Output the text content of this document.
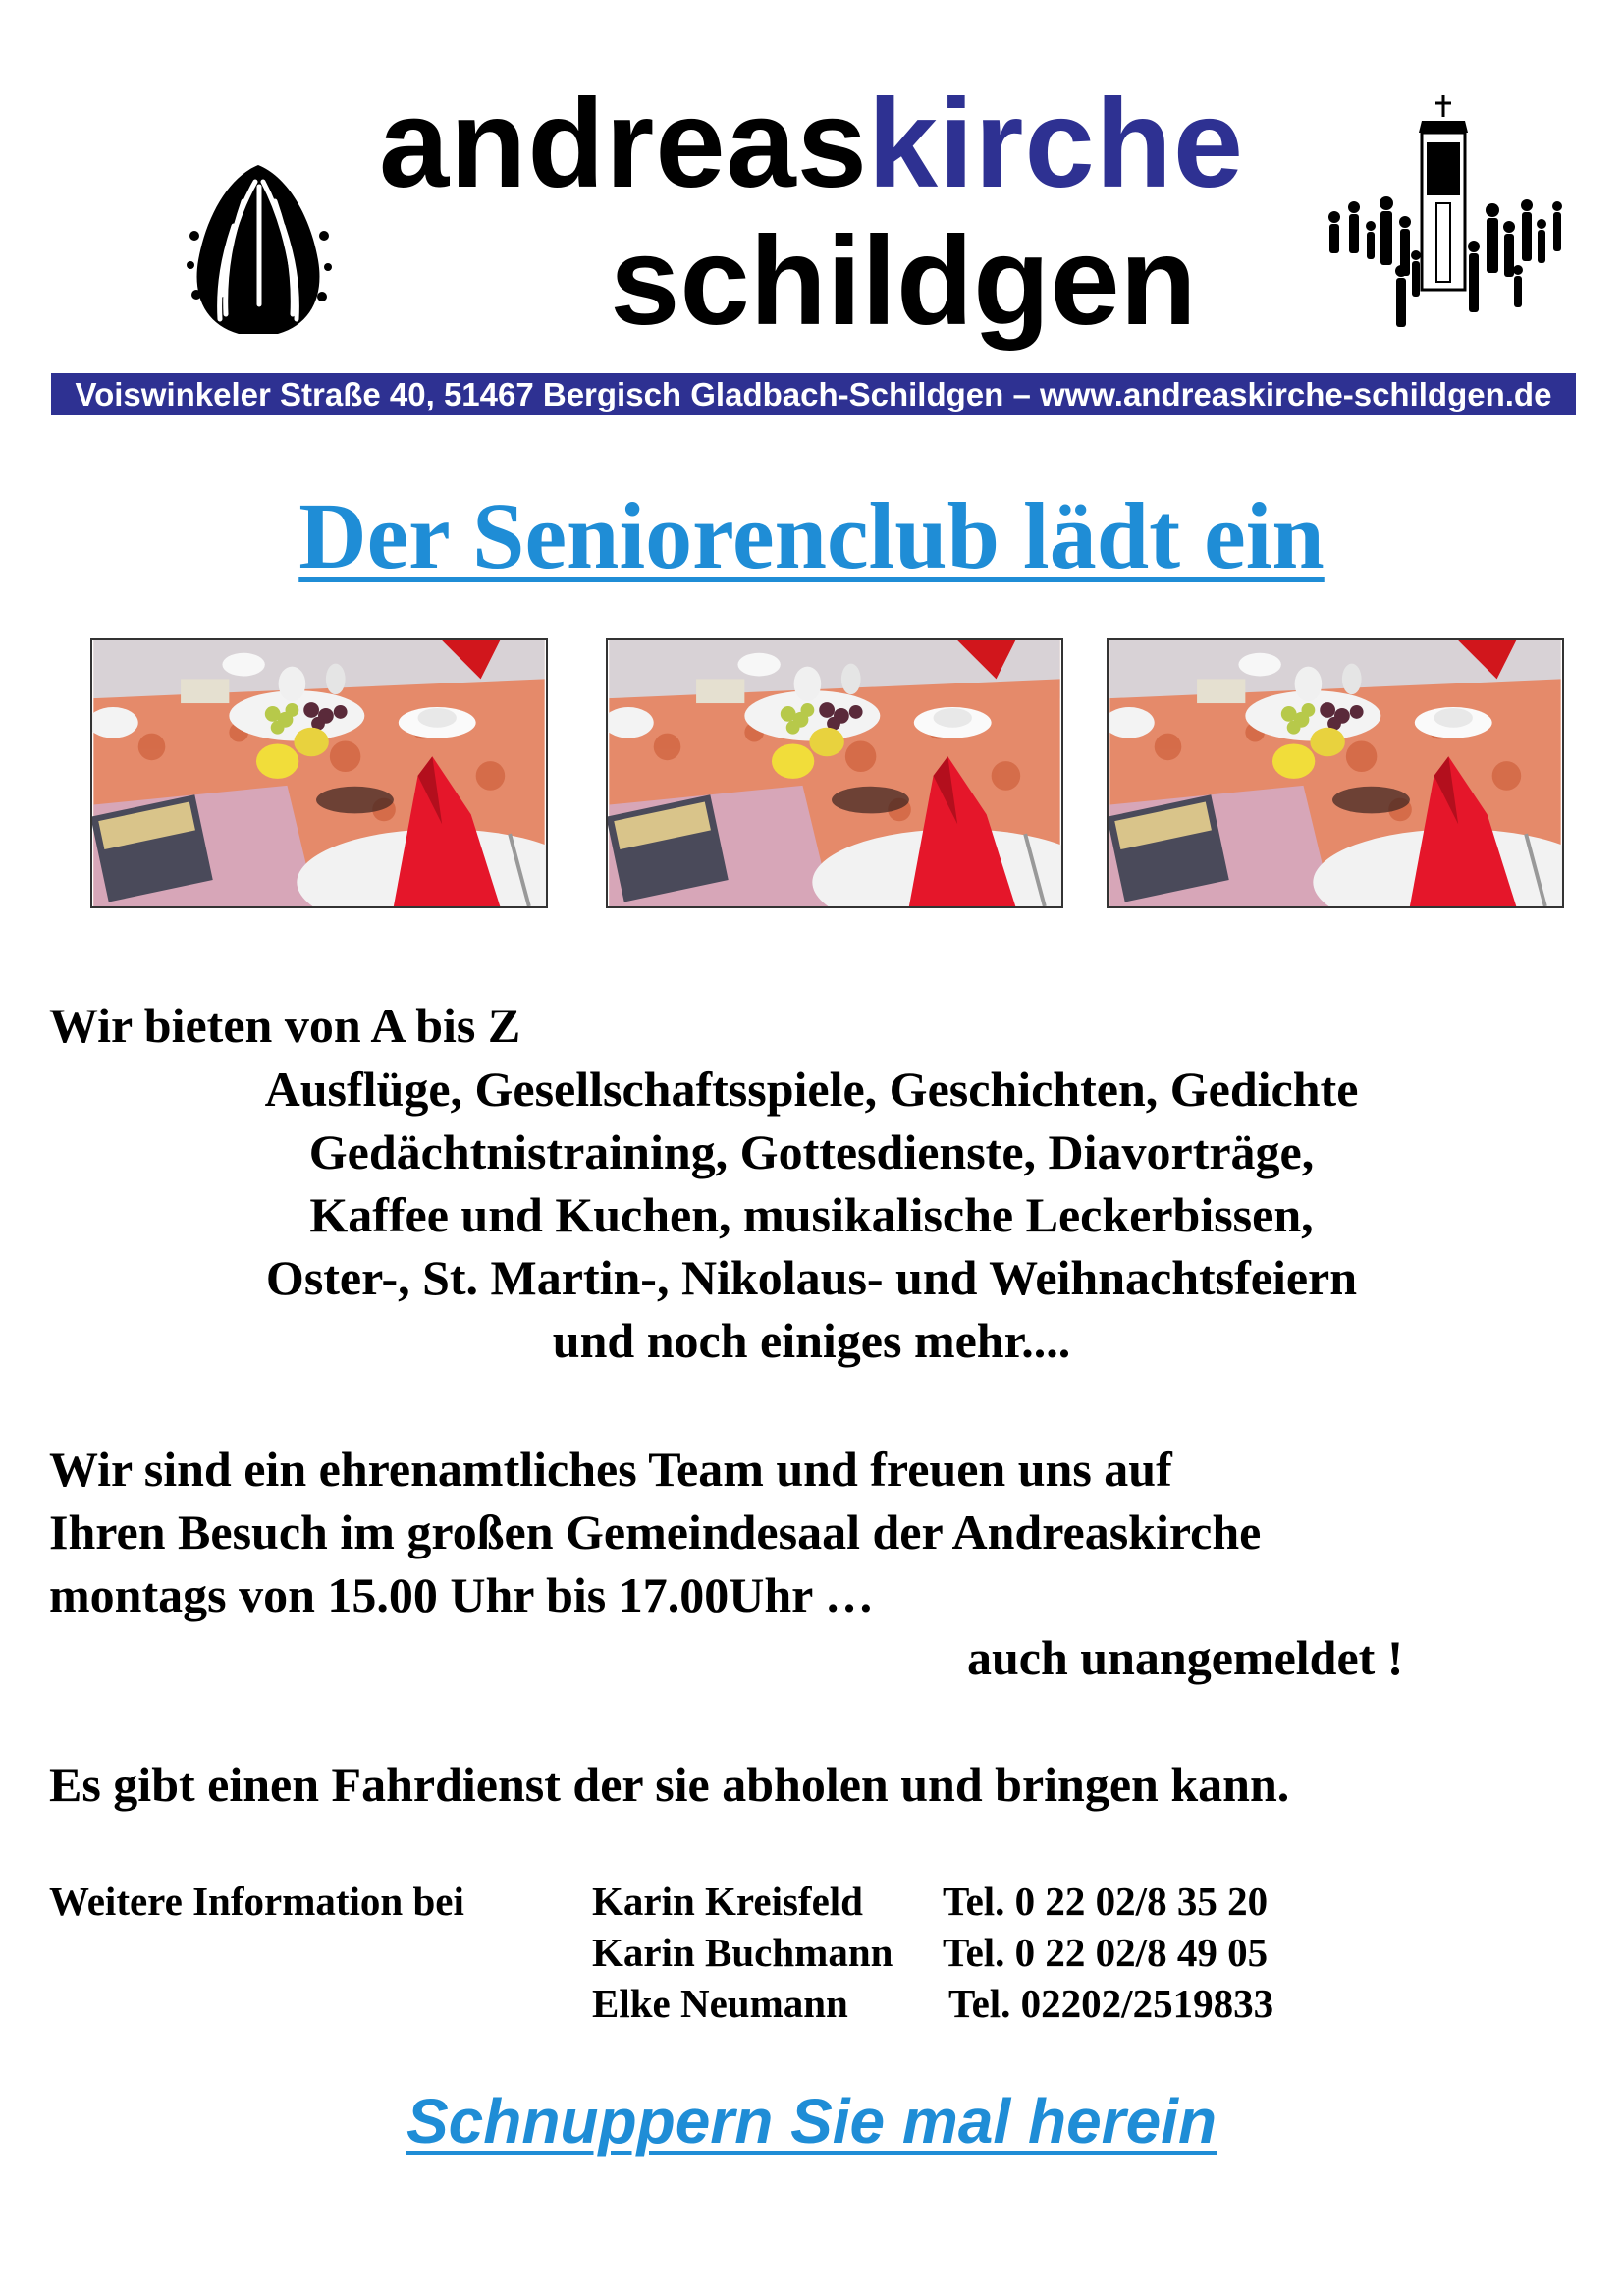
andreaskirche
schildgen
Voiswinkeler Straße 40, 51467 Bergisch Gladbach-Schildgen – www.andreaskirche-schildgen.de
Der Seniorenclub lädt ein
Wir bieten von A bis Z
Ausflüge, Gesellschaftsspiele, Geschichten, Gedichte
Gedächtnistraining, Gottesdienste, Diavorträge,
Kaffee und Kuchen, musikalische Leckerbissen,
Oster-, St. Martin-, Nikolaus- und Weihnachtsfeiern
und noch einiges mehr....
Wir sind ein ehrenamtliches Team und freuen uns auf
Ihren Besuch im großen Gemeindesaal der Andreaskirche
montags von 15.00 Uhr bis 17.00Uhr …
auch unangemeldet !
Es gibt einen Fahrdienst der sie abholen und bringen kann.
Weitere Information bei	Karin Kreisfeld Tel. 0 22 02/8 35 20
Karin Buchmann Tel. 0 22 02/8 49 05
Elke Neumann Tel. 02202/2519833
Schnuppern Sie mal herein
